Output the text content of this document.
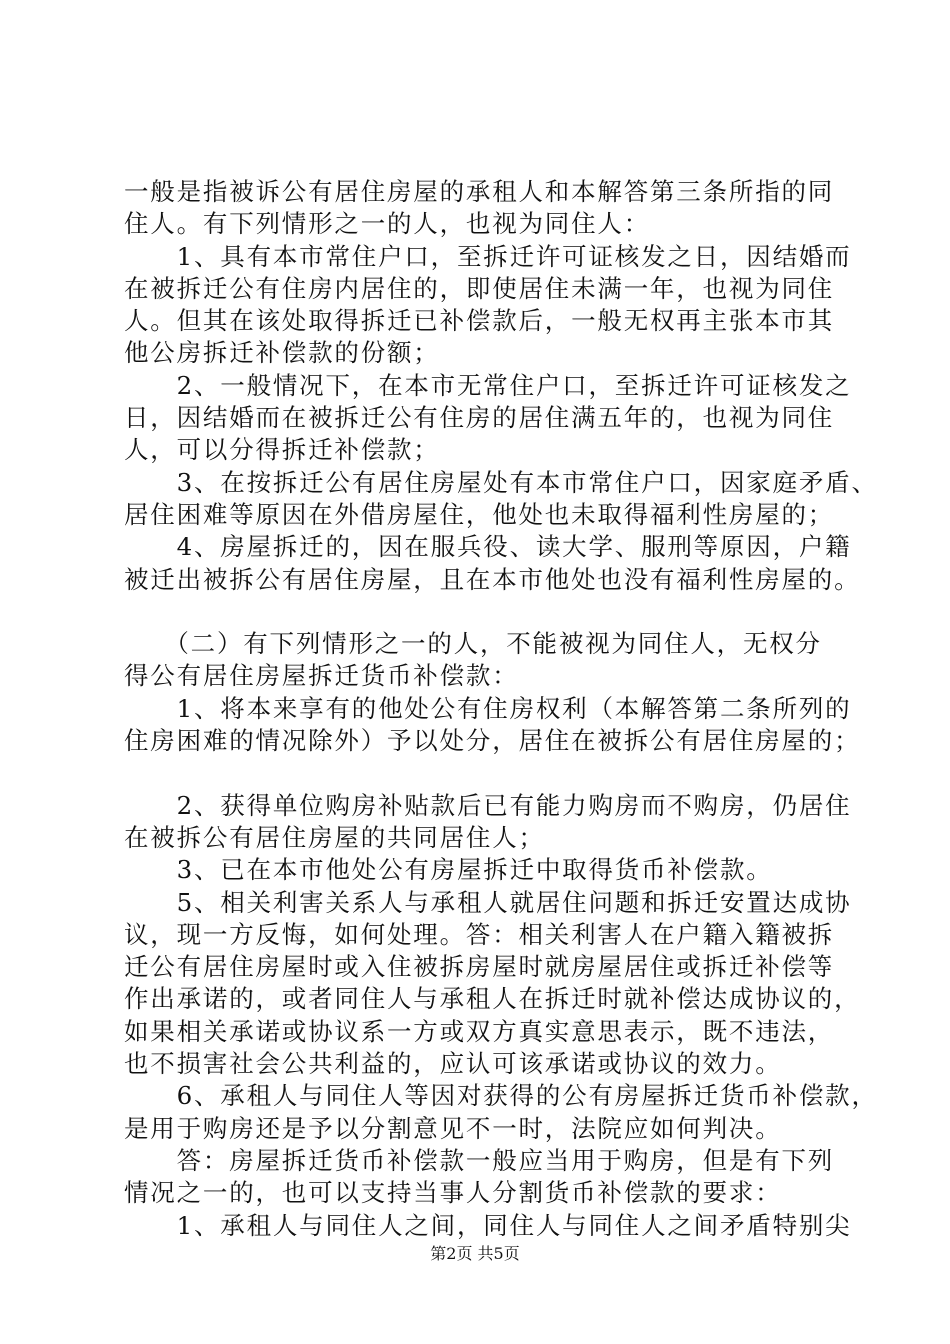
一般是指被诉公有居住房屋的承租人和本解答第三条所指的同
住人。有下列情形之一的人，也视为同住人：
　　1、具有本市常住户口，至拆迁许可证核发之日，因结婚而
在被拆迁公有住房内居住的，即使居住未满一年，也视为同住
人。但其在该处取得拆迁已补偿款后，一般无权再主张本市其
他公房拆迁补偿款的份额；
　　2、一般情况下，在本市无常住户口，至拆迁许可证核发之
日，因结婚而在被拆迁公有住房的居住满五年的，也视为同住
人，可以分得拆迁补偿款；
　　3、在按拆迁公有居住房屋处有本市常住户口，因家庭矛盾、
居住困难等原因在外借房屋住，他处也未取得福利性房屋的；
　　4、房屋拆迁的，因在服兵役、读大学、服刑等原因，户籍
被迁出被拆公有居住房屋，且在本市他处也没有福利性房屋的。
　　（二）有下列情形之一的人，不能被视为同住人，无权分
得公有居住房屋拆迁货币补偿款：
　　1、将本来享有的他处公有住房权利（本解答第二条所列的
住房困难的情况除外）予以处分，居住在被拆公有居住房屋的；
　　2、获得单位购房补贴款后已有能力购房而不购房，仍居住
在被拆公有居住房屋的共同居住人；
　　3、已在本市他处公有房屋拆迁中取得货币补偿款。
　　5、相关利害关系人与承租人就居住问题和拆迁安置达成协
议，现一方反悔，如何处理。答：相关利害人在户籍入籍被拆
迁公有居住房屋时或入住被拆房屋时就房屋居住或拆迁补偿等
作出承诺的，或者同住人与承租人在拆迁时就补偿达成协议的，
如果相关承诺或协议系一方或双方真实意思表示，既不违法，
也不损害社会公共利益的，应认可该承诺或协议的效力。
　　6、承租人与同住人等因对获得的公有房屋拆迁货币补偿款，
是用于购房还是予以分割意见不一时，法院应如何判决。
　　答：房屋拆迁货币补偿款一般应当用于购房，但是有下列
情况之一的，也可以支持当事人分割货币补偿款的要求：
　　1、承租人与同住人之间，同住人与同住人之间矛盾特别尖
第2页 共5页
